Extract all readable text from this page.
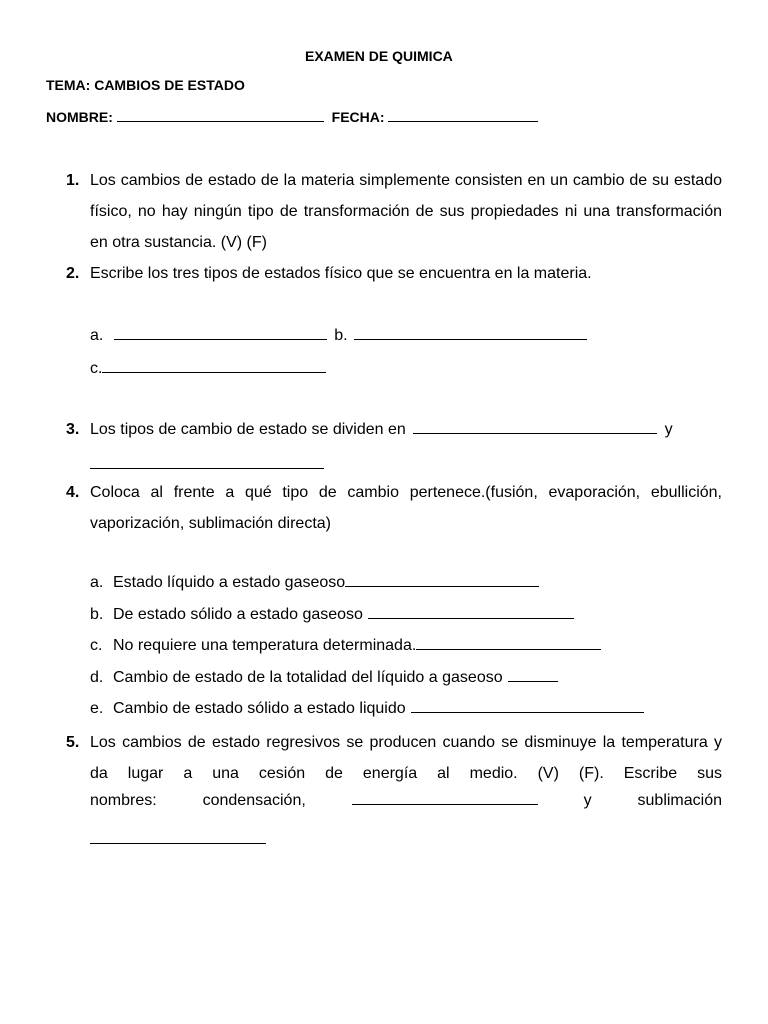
EXAMEN DE QUIMICA
TEMA: CAMBIOS DE ESTADO
NOMBRE:	FECHA:
1. Los cambios de estado de la materia simplemente consisten en un cambio de su estado físico, no hay ningún tipo de transformación de sus propiedades ni una transformación en otra sustancia. (V) (F)
2. Escribe los tres tipos de estados físico que se encuentra en la materia.
a.	b.
c.
3. Los tipos de cambio de estado se dividen en	y
4. Coloca al frente a qué tipo de cambio pertenece.(fusión, evaporación, ebullición, vaporización, sublimación directa)
a. Estado líquido a estado gaseoso
b. De estado sólido a estado gaseoso
c. No requiere una temperatura determinada.
d. Cambio de estado de la totalidad del líquido a gaseoso
e. Cambio de estado sólido a estado liquido
5. Los cambios de estado regresivos se producen cuando se disminuye la temperatura y da lugar a una cesión de energía al medio. (V) (F). Escribe sus
nombres:	condensación,	y	sublimación
